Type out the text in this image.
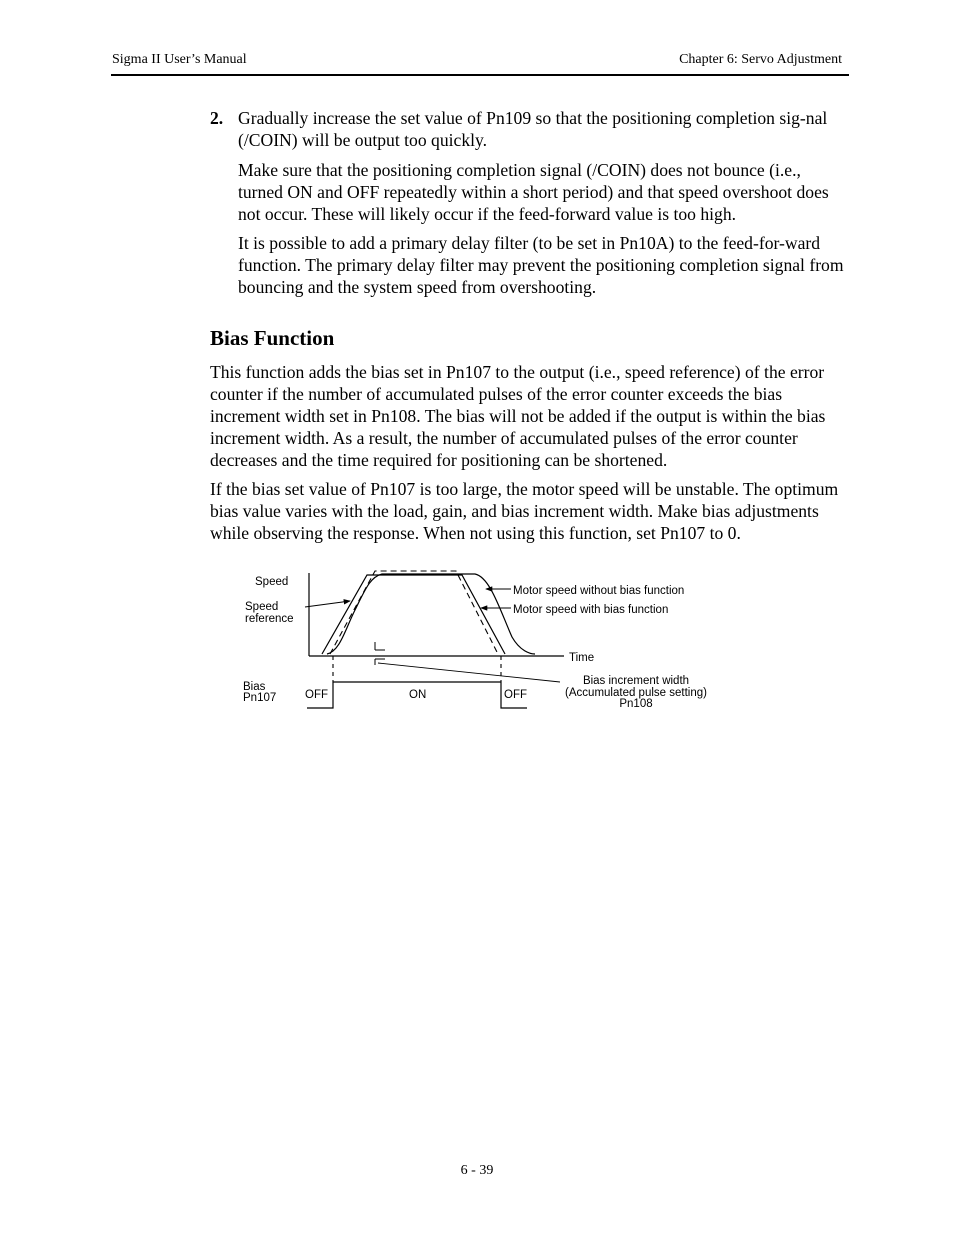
Sigma II User’s Manual	Chapter 6: Servo Adjustment
2. Gradually increase the set value of Pn109 so that the positioning completion sig-nal (/COIN) will be output too quickly.

Make sure that the positioning completion signal (/COIN) does not bounce (i.e., turned ON and OFF repeatedly within a short period) and that speed overshoot does not occur. These will likely occur if the feed-forward value is too high.

It is possible to add a primary delay filter (to be set in Pn10A) to the feed-for-ward function. The primary delay filter may prevent the positioning completion signal from bouncing and the system speed from overshooting.

Bias Function

This function adds the bias set in Pn107 to the output (i.e., speed reference) of the error counter if the number of accumulated pulses of the error counter exceeds the bias increment width set in Pn108. The bias will not be added if the output is within the bias increment width. As a result, the number of accumulated pulses of the error counter decreases and the time required for positioning can be shortened.

If the bias set value of Pn107 is too large, the motor speed will be unstable. The optimum bias value varies with the load, gain, and bias increment width. Make bias adjustments while observing the response. When not using this function, set Pn107 to 0.

Speed
Speed
reference
Motor speed without bias function
Motor speed with bias function
Time
Bias
Pn107 OFF	ON	OFF
Bias increment width
(Accumulated pulse setting)
Pn108
6 - 39
